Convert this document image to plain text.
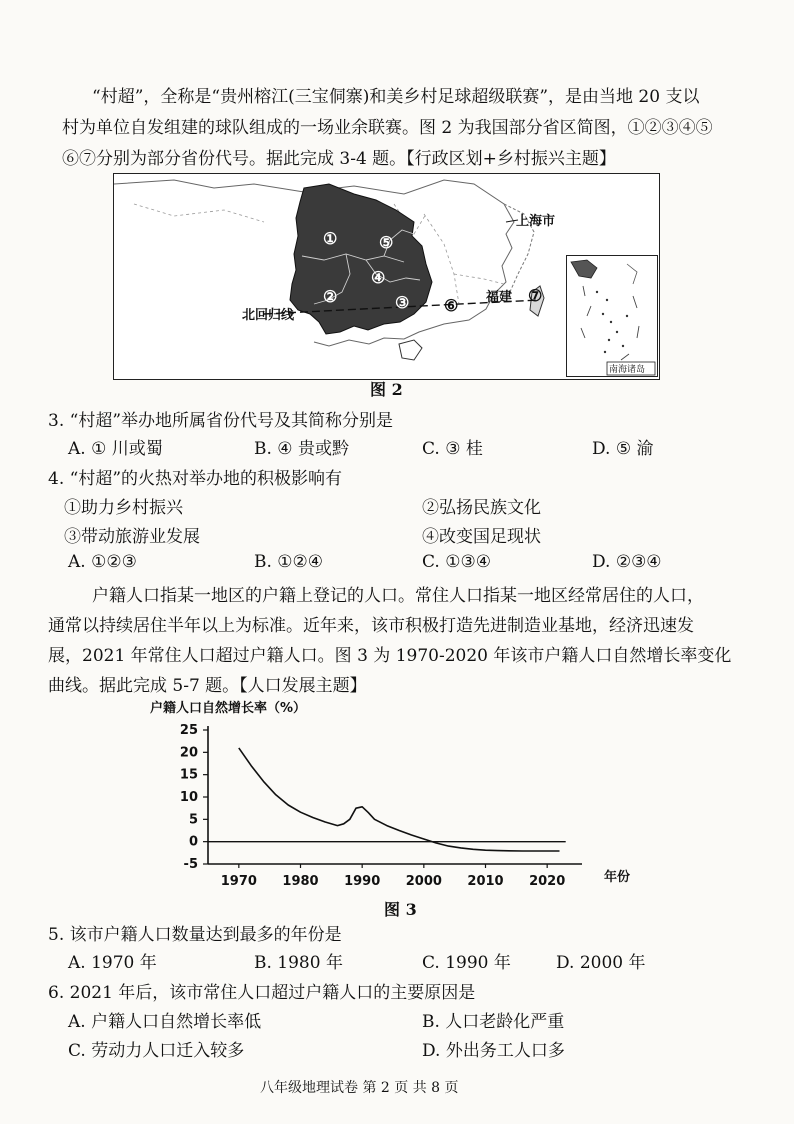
“村超”，全称是“贵州榕江(三宝侗寨)和美乡村足球超级联赛”，是由当地 20 支以
村为单位自发组建的球队组成的一场业余联赛。图 2 为我国部分省区简图，①②③④⑤
⑥⑦分别为部分省份代号。据此完成 3-4 题。【行政区划+乡村振兴主题】
上海市
福建
北回归线
①
②	③
④
⑤
⑥
⑦
南海诸岛
图 2
3. “村超”举办地所属省份代号及其简称分别是
A. ① 川或蜀	B. ④ 贵或黔	C. ③ 桂	D. ⑤ 渝
4. “村超”的火热对举办地的积极影响有
①助力乡村振兴	②弘扬民族文化
③带动旅游业发展	④改变国足现状
A. ①②③	B. ①②④	C. ①③④	D. ②③④
户籍人口指某一地区的户籍上登记的人口。常住人口指某一地区经常居住的人口，
通常以持续居住半年以上为标准。近年来，该市积极打造先进制造业基地，经济迅速发
展，2021 年常住人口超过户籍人口。图 3 为 1970-2020 年该市户籍人口自然增长率变化
曲线。据此完成 5-7 题。【人口发展主题】
户籍人口自然增长率（%）
25
20
15
10
5
0
-5
1970 1980 1990 2000 2010 2020	年份
图 3
5. 该市户籍人口数量达到最多的年份是
A. 1970 年	B. 1980 年	C. 1990 年	D. 2000 年
6. 2021 年后，该市常住人口超过户籍人口的主要原因是
A. 户籍人口自然增长率低	B. 人口老龄化严重
C. 劳动力人口迁入较多	D. 外出务工人口多
八年级地理试卷 第 2 页 共 8 页
